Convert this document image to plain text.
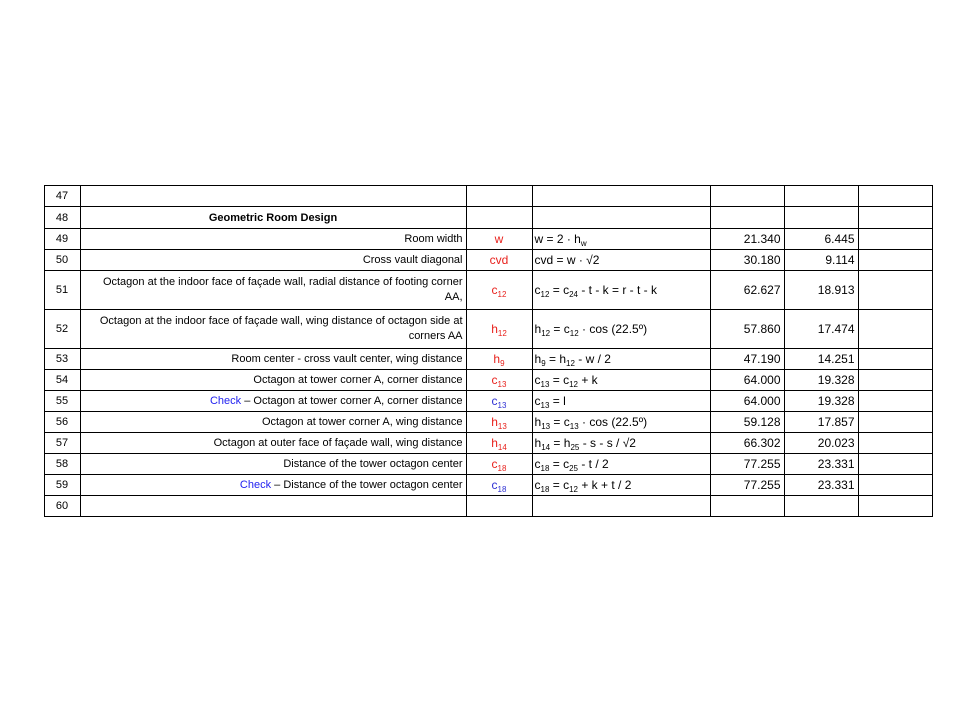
	47						
	48	Geometric Room Design					
	49	Room width	w	$w = 2 \cdot h_w$	21.340	6.445	
	50	Cross vault diagonal	cvd	cvd = w · √2	30.180	9.114	
	51	Octagon at the indoor face of façade wall, radial distance of footing corner AA,	$c_{12}$	$c_{12} = c_{24} - t - k = r - t - k$	62.627	18.913	
	52	Octagon at the indoor face of façade wall, wing distance of octagon side at corners AA	$h_{12}$	$h_{12} = c_{12} \cdot \cos$ (22.5º)	57.860	17.474	
	53	Room center - cross vault center, wing distance	$h_9$	$h_9 = h_{12} - w / 2$	47.190	14.251	
	54	Octagon at tower corner A, corner distance	$c_{13}$	$c_{13} = c_{12} + k$	64.000	19.328	
	55	Check – Octagon at tower corner A, corner distance	$c_{13}$	$c_{13} = l$	64.000	19.328	
	56	Octagon at tower corner A, wing distance	$h_{13}$	$h_{13} = c_{13} \cdot \cos$ (22.5º)	59.128	17.857	
	57	Octagon at outer face of façade wall, wing distance	$h_{14}$	$h_{14} = h_{25} - s - s / √2$	66.302	20.023	
	58	Distance of the tower octagon center	$c_{18}$	$c_{18} = c_{25} - t / 2$	77.255	23.331	
	59	Check – Distance of the tower octagon center	$c_{18}$	$c_{18} = c_{12} + k + t / 2$	77.255	23.331	
	60						
